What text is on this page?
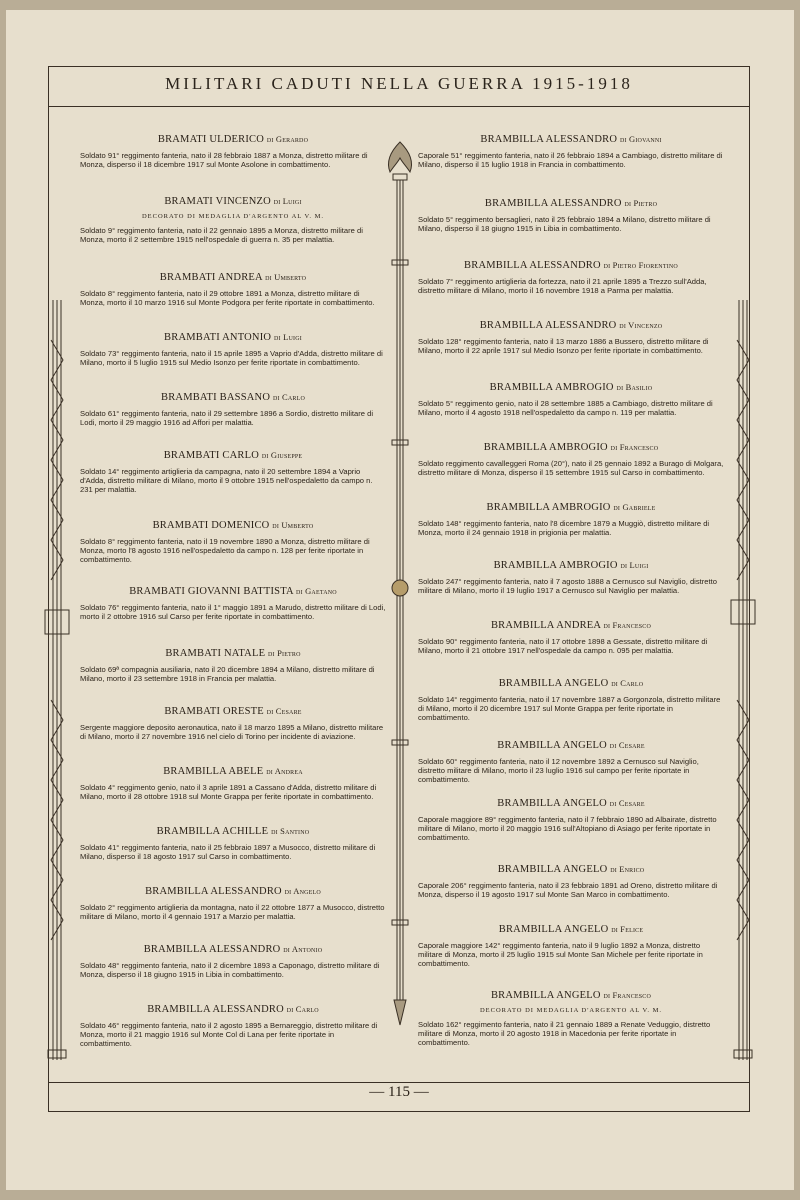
MILITARI CADUTI NELLA GUERRA 1915-1918
BRAMATI ULDERICO di Gerardo
Soldato 91° reggimento fanteria, nato il 28 febbraio 1887 a Monza, distretto militare di Monza, disperso il 18 dicembre 1917 sul Monte Asolone in combattimento.
BRAMATI VINCENZO di Luigi
DECORATO DI MEDAGLIA D'ARGENTO AL V. M.
Soldato 9° reggimento fanteria, nato il 22 gennaio 1895 a Monza, distretto militare di Monza, morto il 2 settembre 1915 nell'ospedale di guerra n. 35 per malattia.
BRAMBATI ANDREA di Umberto
Soldato 8° reggimento fanteria, nato il 29 ottobre 1891 a Monza, distretto militare di Monza, morto il 10 marzo 1916 sul Monte Podgora per ferite riportate in combattimento.
BRAMBATI ANTONIO di Luigi
Soldato 73° reggimento fanteria, nato il 15 aprile 1895 a Vaprio d'Adda, distretto militare di Milano, morto il 5 luglio 1915 sul Medio Isonzo per ferite riportate in combattimento.
BRAMBATI BASSANO di Carlo
Soldato 61° reggimento fanteria, nato il 29 settembre 1896 a Sordio, distretto militare di Lodi, morto il 29 maggio 1916 ad Affori per malattia.
BRAMBATI CARLO di Giuseppe
Soldato 14° reggimento artiglieria da campagna, nato il 20 settembre 1894 a Vaprio d'Adda, distretto militare di Milano, morto il 9 ottobre 1915 nell'ospedaletto da campo n. 231 per malattia.
BRAMBATI DOMENICO di Umberto
Soldato 8° reggimento fanteria, nato il 19 novembre 1890 a Monza, distretto militare di Monza, morto l'8 agosto 1916 nell'ospedaletto da campo n. 128 per ferite riportate in combattimento.
BRAMBATI GIOVANNI BATTISTA di Gaetano
Soldato 76° reggimento fanteria, nato il 1° maggio 1891 a Marudo, distretto militare di Lodi, morto il 2 ottobre 1916 sul Carso per ferite riportate in combattimento.
BRAMBATI NATALE di Pietro
Soldato 69ª compagnia ausiliaria, nato il 20 dicembre 1894 a Milano, distretto militare di Milano, morto il 23 settembre 1918 in Francia per malattia.
BRAMBATI ORESTE di Cesare
Sergente maggiore deposito aeronautica, nato il 18 marzo 1895 a Milano, distretto militare di Milano, morto il 27 novembre 1916 nel cielo di Torino per incidente di aviazione.
BRAMBILLA ABELE di Andrea
Soldato 4° reggimento genio, nato il 3 aprile 1891 a Cassano d'Adda, distretto militare di Milano, morto il 28 ottobre 1918 sul Monte Grappa per ferite riportate in combattimento.
BRAMBILLA ACHILLE di Santino
Soldato 41° reggimento fanteria, nato il 25 febbraio 1897 a Musocco, distretto militare di Milano, disperso il 18 agosto 1917 sul Carso in combattimento.
BRAMBILLA ALESSANDRO di Angelo
Soldato 2° reggimento artiglieria da montagna, nato il 22 ottobre 1877 a Musocco, distretto militare di Milano, morto il 4 gennaio 1917 a Marzio per malattia.
BRAMBILLA ALESSANDRO di Antonio
Soldato 48° reggimento fanteria, nato il 2 dicembre 1893 a Caponago, distretto militare di Monza, disperso il 18 giugno 1915 in Libia in combattimento.
BRAMBILLA ALESSANDRO di Carlo
Soldato 46° reggimento fanteria, nato il 2 agosto 1895 a Bernareggio, distretto militare di Monza, morto il 21 maggio 1916 sul Monte Col di Lana per ferite riportate in combattimento.
BRAMBILLA ALESSANDRO di Giovanni
Caporale 51° reggimento fanteria, nato il 26 febbraio 1894 a Cambiago, distretto militare di Milano, disperso il 15 luglio 1918 in Francia in combattimento.
BRAMBILLA ALESSANDRO di Pietro
Soldato 5° reggimento bersaglieri, nato il 25 febbraio 1894 a Milano, distretto militare di Milano, disperso il 18 giugno 1915 in Libia in combattimento.
BRAMBILLA ALESSANDRO di Pietro Fiorentino
Soldato 7° reggimento artiglieria da fortezza, nato il 21 aprile 1895 a Trezzo sull'Adda, distretto militare di Milano, morto il 16 novembre 1918 a Parma per malattia.
BRAMBILLA ALESSANDRO di Vincenzo
Soldato 128° reggimento fanteria, nato il 13 marzo 1886 a Bussero, distretto militare di Milano, morto il 22 aprile 1917 sul Medio Isonzo per ferite riportate in combattimento.
BRAMBILLA AMBROGIO di Basilio
Soldato 5° reggimento genio, nato il 28 settembre 1885 a Cambiago, distretto militare di Milano, morto il 4 agosto 1918 nell'ospedaletto da campo n. 119 per malattia.
BRAMBILLA AMBROGIO di Francesco
Soldato reggimento cavalleggeri Roma (20°), nato il 25 gennaio 1892 a Burago di Molgara, distretto militare di Monza, disperso il 15 settembre 1915 sul Carso in combattimento.
BRAMBILLA AMBROGIO di Gabriele
Soldato 148° reggimento fanteria, nato l'8 dicembre 1879 a Muggiò, distretto militare di Monza, morto il 24 gennaio 1918 in prigionia per malattia.
BRAMBILLA AMBROGIO di Luigi
Soldato 247° reggimento fanteria, nato il 7 agosto 1888 a Cernusco sul Naviglio, distretto militare di Milano, morto il 19 luglio 1917 a Cernusco sul Naviglio per malattia.
BRAMBILLA ANDREA di Francesco
Soldato 90° reggimento fanteria, nato il 17 ottobre 1898 a Gessate, distretto militare di Milano, morto il 21 ottobre 1917 nell'ospedale da campo n. 095 per malattia.
BRAMBILLA ANGELO di Carlo
Soldato 14° reggimento fanteria, nato il 17 novembre 1887 a Gorgonzola, distretto militare di Milano, morto il 20 dicembre 1917 sul Monte Grappa per ferite riportate in combattimento.
BRAMBILLA ANGELO di Cesare
Soldato 60° reggimento fanteria, nato il 12 novembre 1892 a Cernusco sul Naviglio, distretto militare di Milano, morto il 23 luglio 1916 sul campo per ferite riportate in combattimento.
BRAMBILLA ANGELO di Cesare
Caporale maggiore 89° reggimento fanteria, nato il 7 febbraio 1890 ad Albairate, distretto militare di Milano, morto il 20 maggio 1916 sull'Altopiano di Asiago per ferite riportate in combattimento.
BRAMBILLA ANGELO di Enrico
Caporale 206° reggimento fanteria, nato il 23 febbraio 1891 ad Oreno, distretto militare di Monza, disperso il 19 agosto 1917 sul Monte San Marco in combattimento.
BRAMBILLA ANGELO di Felice
Caporale maggiore 142° reggimento fanteria, nato il 9 luglio 1892 a Monza, distretto militare di Monza, morto il 25 luglio 1915 sul Monte San Michele per ferite riportate in combattimento.
BRAMBILLA ANGELO di Francesco
DECORATO DI MEDAGLIA D'ARGENTO AL V. M.
Soldato 162° reggimento fanteria, nato il 21 gennaio 1889 a Renate Veduggio, distretto militare di Monza, morto il 20 agosto 1918 in Macedonia per ferite riportate in combattimento.
— 115 —
